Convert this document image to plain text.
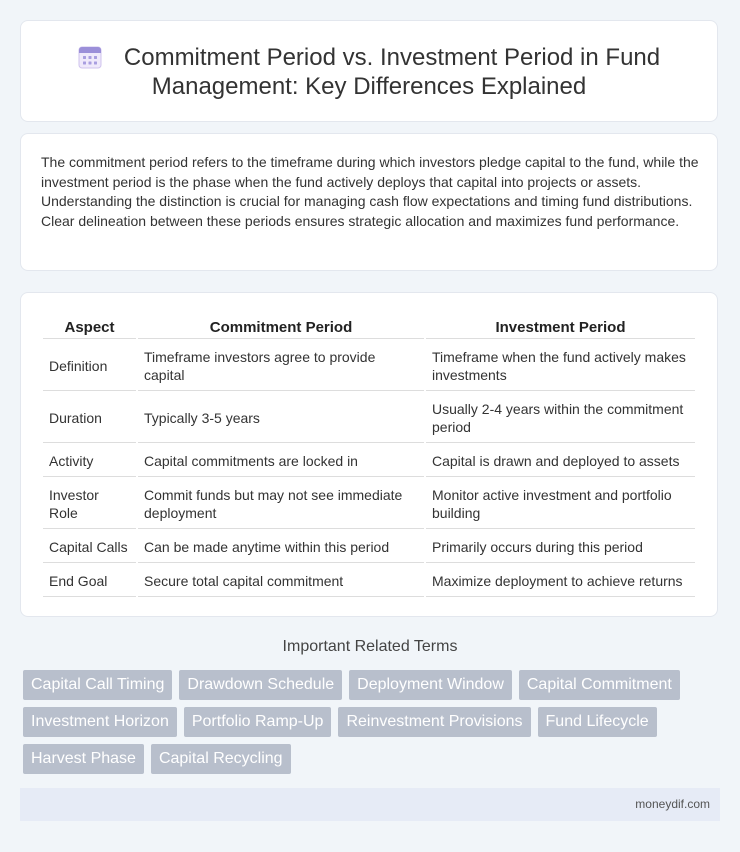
Commitment Period vs. Investment Period in Fund Management: Key Differences Explained
The commitment period refers to the timeframe during which investors pledge capital to the fund, while the investment period is the phase when the fund actively deploys that capital into projects or assets. Understanding the distinction is crucial for managing cash flow expectations and timing fund distributions. Clear delineation between these periods ensures strategic allocation and maximizes fund performance.
Aspect	Commitment Period	Investment Period
Definition	Timeframe investors agree to provide capital	Timeframe when the fund actively makes investments
Duration	Typically 3-5 years	Usually 2-4 years within the commitment period
Activity	Capital commitments are locked in	Capital is drawn and deployed to assets
Investor Role	Commit funds but may not see immediate deployment	Monitor active investment and portfolio building
Capital Calls	Can be made anytime within this period	Primarily occurs during this period
End Goal	Secure total capital commitment	Maximize deployment to achieve returns
Important Related Terms
Capital Call Timing	Drawdown Schedule	Deployment Window	Capital Commitment
Investment Horizon	Portfolio Ramp-Up	Reinvestment Provisions	Fund Lifecycle
Harvest Phase	Capital Recycling
moneydif.com
